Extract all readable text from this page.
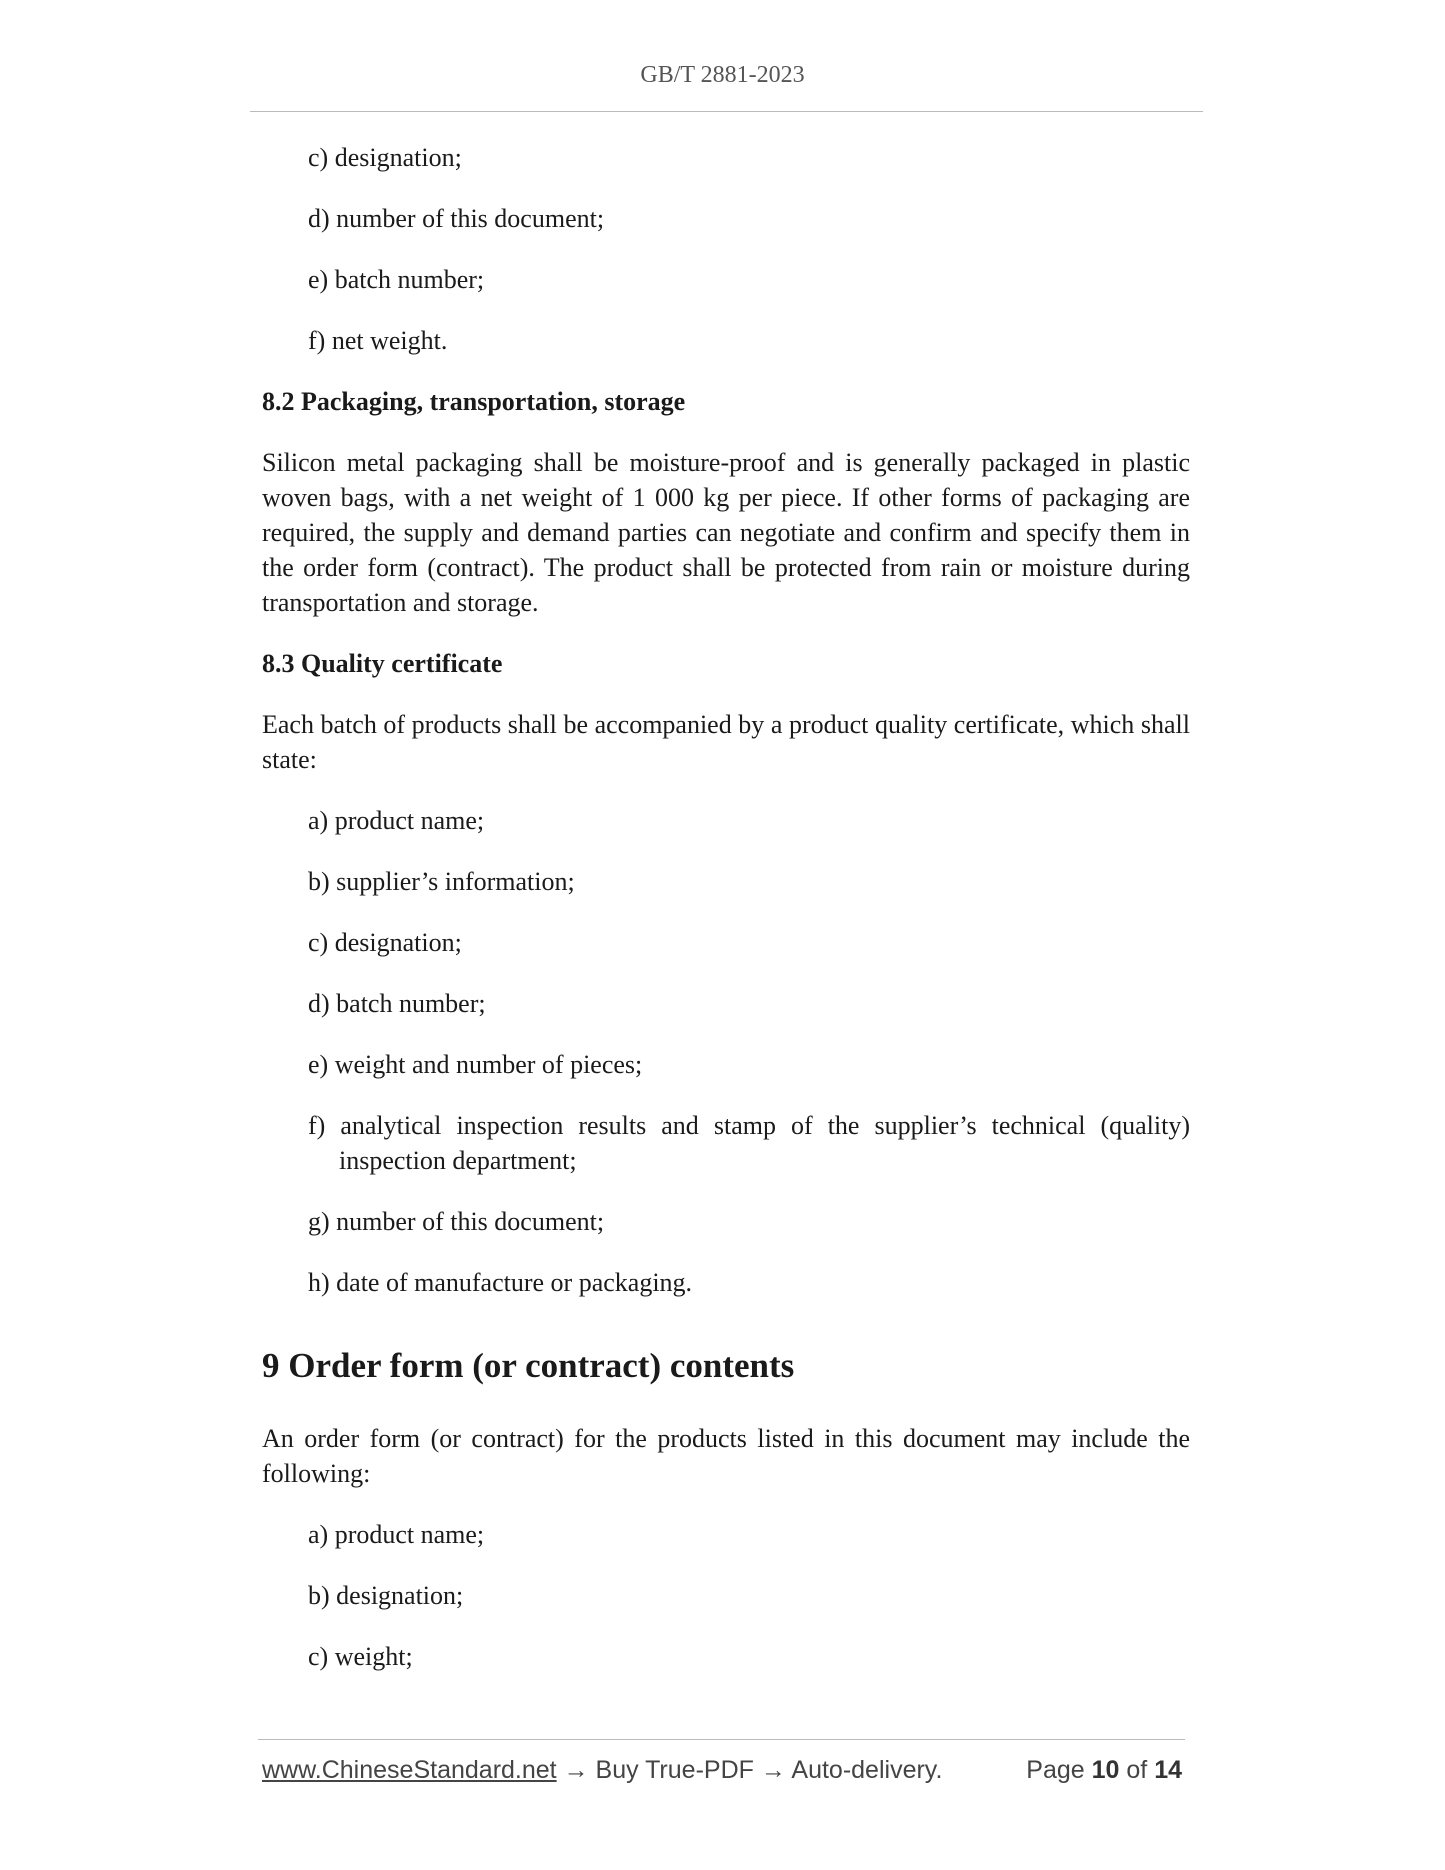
GB/T 2881-2023
c) designation;
d) number of this document;
e) batch number;
f) net weight.
8.2 Packaging, transportation, storage
Silicon metal packaging shall be moisture-proof and is generally packaged in plastic woven bags, with a net weight of 1 000 kg per piece. If other forms of packaging are required, the supply and demand parties can negotiate and confirm and specify them in the order form (contract). The product shall be protected from rain or moisture during transportation and storage.
8.3 Quality certificate
Each batch of products shall be accompanied by a product quality certificate, which shall state:
a) product name;
b) supplier’s information;
c) designation;
d) batch number;
e) weight and number of pieces;
f) analytical inspection results and stamp of the supplier’s technical (quality) inspection department;
g) number of this document;
h) date of manufacture or packaging.
9 Order form (or contract) contents
An order form (or contract) for the products listed in this document may include the following:
a) product name;
b) designation;
c) weight;
www.ChineseStandard.net → Buy True-PDF → Auto-delivery.	Page 10 of 14
